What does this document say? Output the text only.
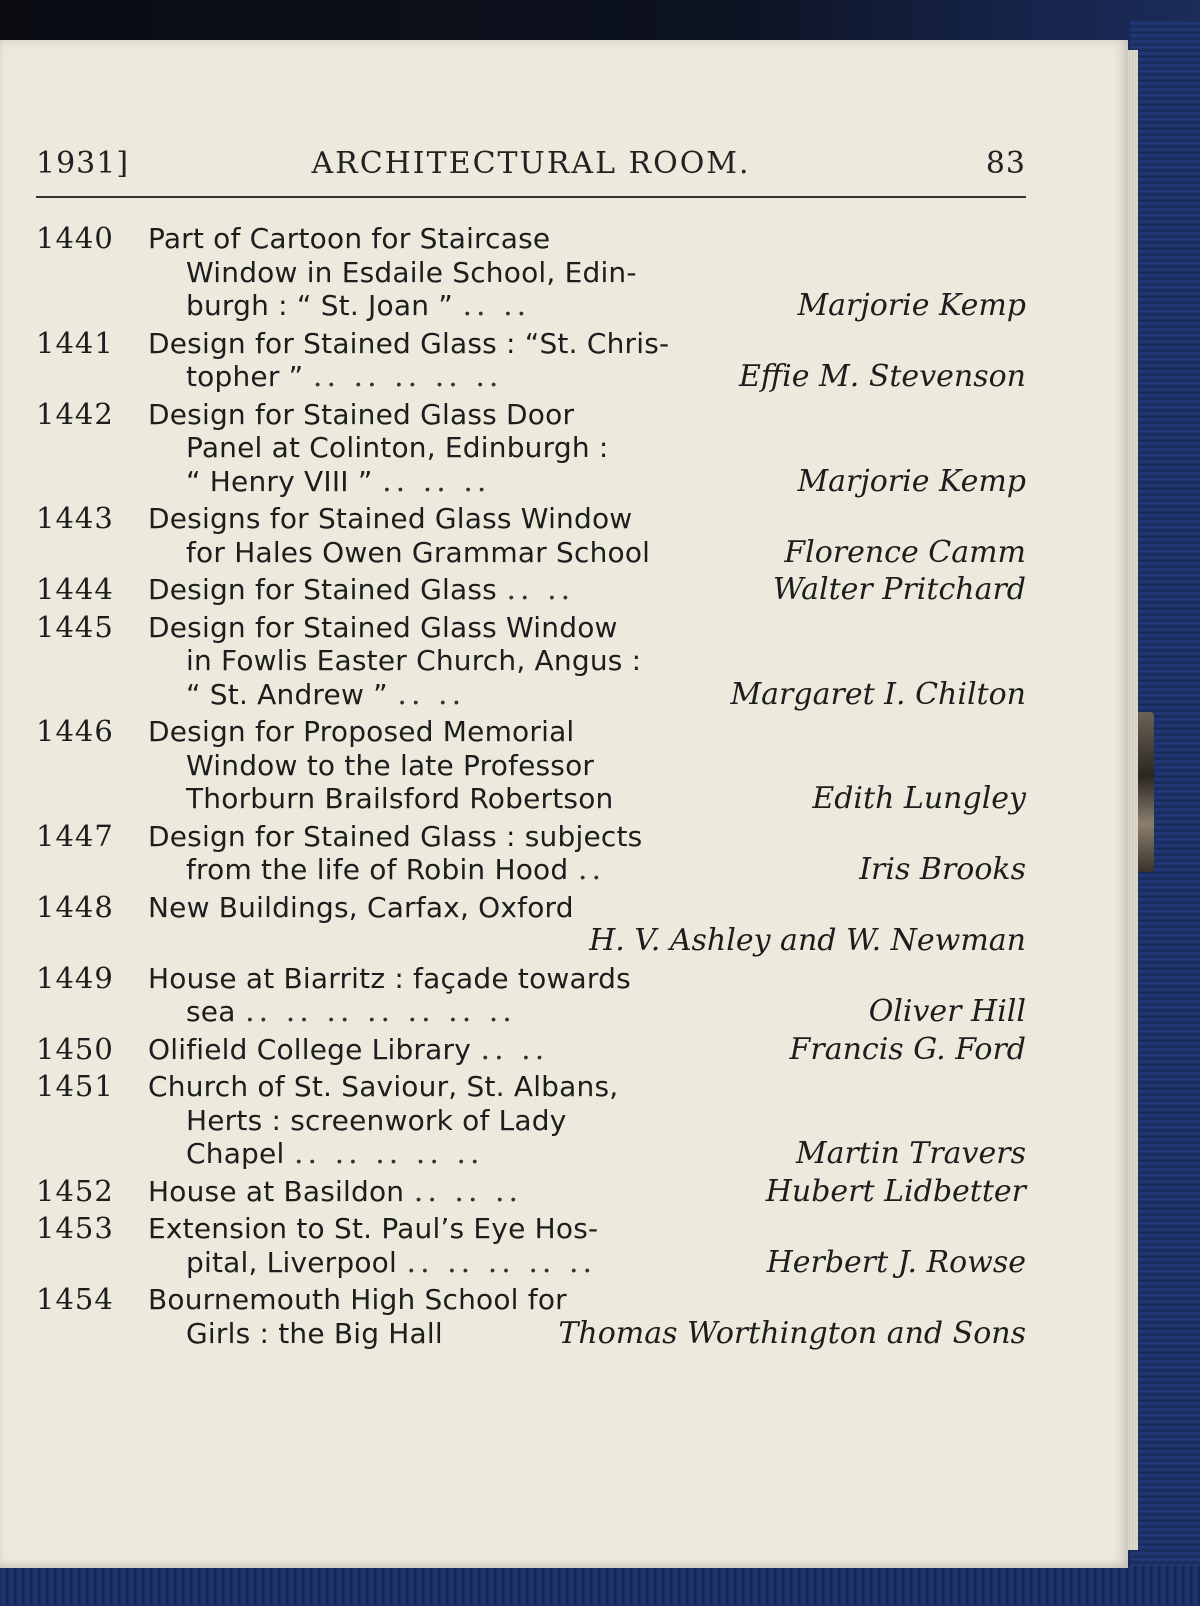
1931]	ARCHITECTURAL ROOM.	83
1440	Part of Cartoon for Staircase
Window in Esdaile School, Edin-
burgh : “ St. Joan ” .. ..	Marjorie Kemp
1441	Design for Stained Glass : “St. Chris-
topher ” .. .. .. .. ..	Effie M. Stevenson
1442	Design for Stained Glass Door
Panel at Colinton, Edinburgh :
“ Henry VIII ” .. .. ..	Marjorie Kemp
1443	Designs for Stained Glass Window
for Hales Owen Grammar School	Florence Camm
1444	Design for Stained Glass .. ..	Walter Pritchard
1445	Design for Stained Glass Window
in Fowlis Easter Church, Angus :
“ St. Andrew ” .. ..	Margaret I. Chilton
1446	Design for Proposed Memorial
Window to the late Professor
Thorburn Brailsford Robertson	Edith Lungley
1447	Design for Stained Glass : subjects
from the life of Robin Hood ..	Iris Brooks
1448	New Buildings, Carfax, Oxford
H. V. Ashley and W. Newman
1449	House at Biarritz : façade towards
sea .. .. .. .. .. .. ..	Oliver Hill
1450	Olifield College Library .. ..	Francis G. Ford
1451	Church of St. Saviour, St. Albans,
Herts : screenwork of Lady
Chapel .. .. .. .. ..	Martin Travers
1452	House at Basildon .. .. ..	Hubert Lidbetter
1453	Extension to St. Paul’s Eye Hos-
pital, Liverpool .. .. .. .. ..	Herbert J. Rowse
1454	Bournemouth High School for
Girls : the Big Hall	Thomas Worthington and Sons
